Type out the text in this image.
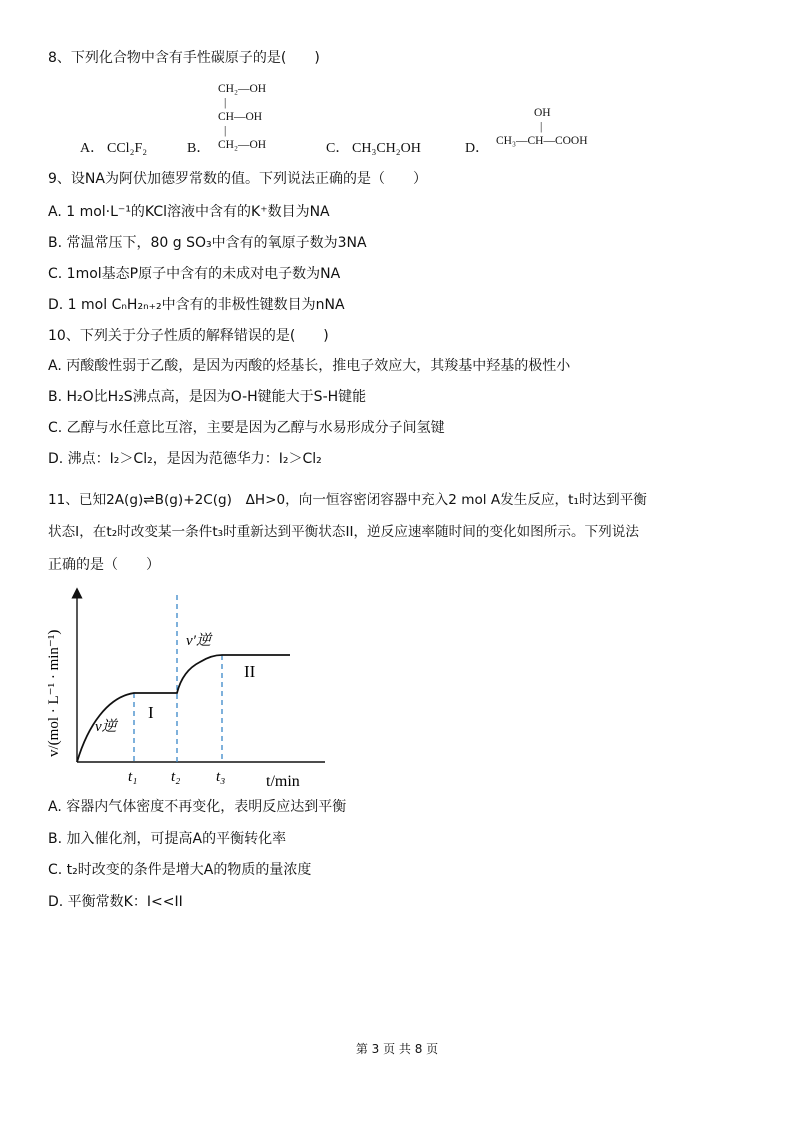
8、下列化合物中含有手性碳原子的是(　　)
CH₂—OH
|
CH—OH
|
CH₂—OH
OH
|
CH₃—CH—COOH
A． CCl₂F₂	B．	C． CH₃CH₂OH	D．
9、设NA为阿伏加德罗常数的值。下列说法正确的是（　　）
A. 1 mol·L⁻¹的KCl溶液中含有的K⁺数目为NA
B. 常温常压下，80 g SO₃中含有的氧原子数为3NA
C. 1mol基态P原子中含有的未成对电子数为NA
D. 1 mol CₙH₂ₙ₊₂中含有的非极性键数目为nNA
10、下列关于分子性质的解释错误的是(　　)
A. 丙酸酸性弱于乙酸，是因为丙酸的烃基长，推电子效应大，其羧基中羟基的极性小
B. H₂O比H₂S沸点高，是因为O-H键能大于S-H键能
C. 乙醇与水任意比互溶，主要是因为乙醇与水易形成分子间氢键
D. 沸点：I₂＞Cl₂，是因为范德华力：I₂＞Cl₂
11、已知2A(g)⇌B(g)+2C(g)　ΔH>0，向一恒容密闭容器中充入2 mol A发生反应，t₁时达到平衡
状态I，在t₂时改变某一条件t₃时重新达到平衡状态II，逆反应速率随时间的变化如图所示。下列说法
正确的是（　　）
v/(mol · L⁻¹ · min⁻¹)
t/min
t₁ t₂ t₃
v逆
v′逆
I
II
A. 容器内气体密度不再变化，表明反应达到平衡
B. 加入催化剂，可提高A的平衡转化率
C. t₂时改变的条件是增大A的物质的量浓度
D. 平衡常数K：I<<II
第 3 页 共 8 页
